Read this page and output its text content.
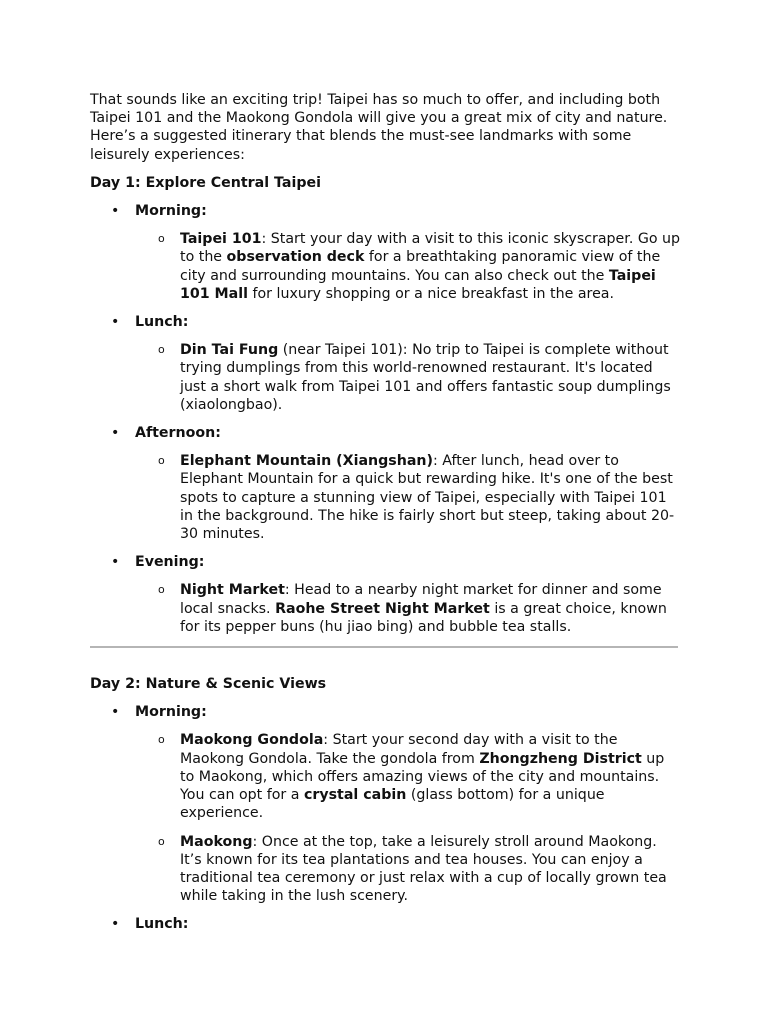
That sounds like an exciting trip! Taipei has so much to offer, and including both Taipei 101 and the Maokong Gondola will give you a great mix of city and nature. Here’s a suggested itinerary that blends the must-see landmarks with some leisurely experiences:

Day 1: Explore Central Taipei

• Morning:
o Taipei 101: Start your day with a visit to this iconic skyscraper. Go up to the observation deck for a breathtaking panoramic view of the city and surrounding mountains. You can also check out the Taipei 101 Mall for luxury shopping or a nice breakfast in the area.
• Lunch:
o Din Tai Fung (near Taipei 101): No trip to Taipei is complete without trying dumplings from this world-renowned restaurant. It's located just a short walk from Taipei 101 and offers fantastic soup dumplings (xiaolongbao).
• Afternoon:
o Elephant Mountain (Xiangshan): After lunch, head over to Elephant Mountain for a quick but rewarding hike. It's one of the best spots to capture a stunning view of Taipei, especially with Taipei 101 in the background. The hike is fairly short but steep, taking about 20-30 minutes.
• Evening:
o Night Market: Head to a nearby night market for dinner and some local snacks. Raohe Street Night Market is a great choice, known for its pepper buns (hu jiao bing) and bubble tea stalls.

Day 2: Nature & Scenic Views

• Morning:
o Maokong Gondola: Start your second day with a visit to the Maokong Gondola. Take the gondola from Zhongzheng District up to Maokong, which offers amazing views of the city and mountains. You can opt for a crystal cabin (glass bottom) for a unique experience.
o Maokong: Once at the top, take a leisurely stroll around Maokong. It’s known for its tea plantations and tea houses. You can enjoy a traditional tea ceremony or just relax with a cup of locally grown tea while taking in the lush scenery.
• Lunch:
